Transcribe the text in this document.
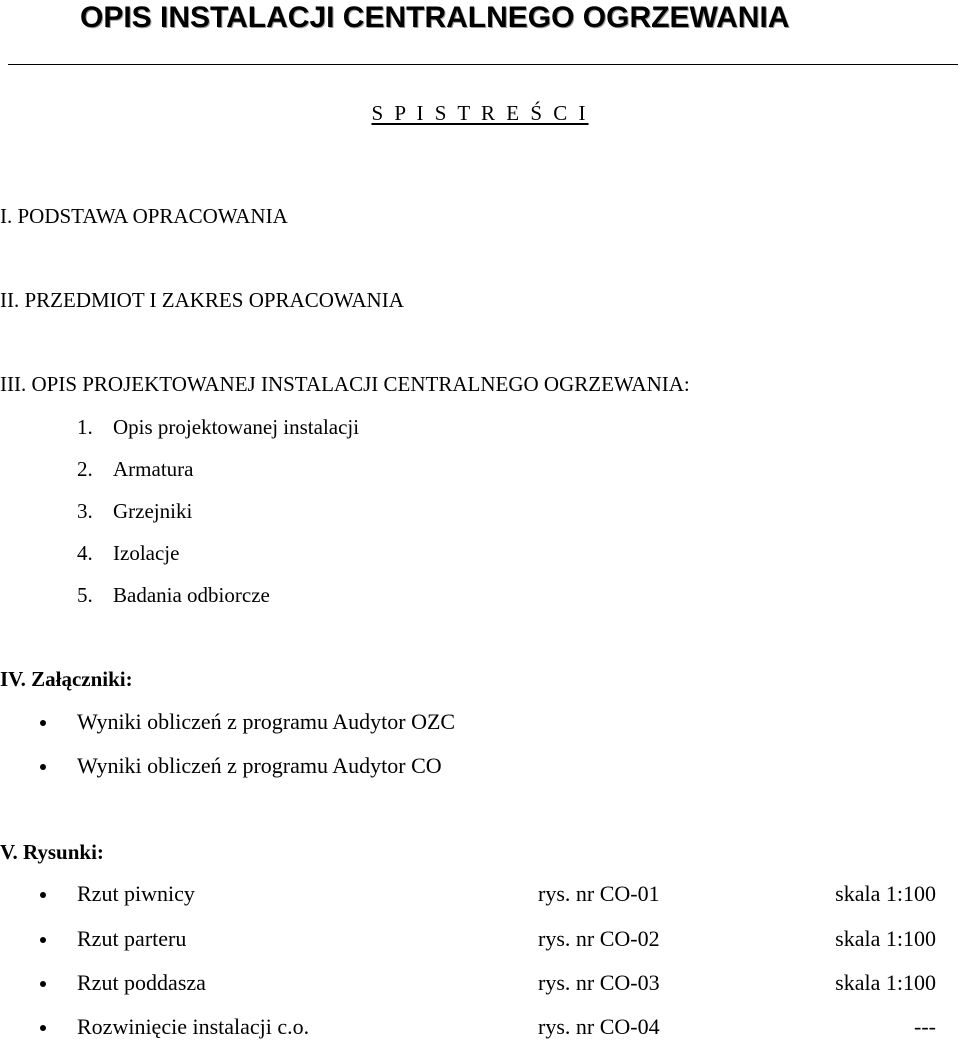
OPIS INSTALACJI CENTRALNEGO OGRZEWANIA
S P I S T R E Ś C I
I. PODSTAWA OPRACOWANIA
II. PRZEDMIOT I ZAKRES OPRACOWANIA
III. OPIS PROJEKTOWANEJ INSTALACJI CENTRALNEGO OGRZEWANIA:
1. Opis projektowanej instalacji
2. Armatura
3. Grzejniki
4. Izolacje
5. Badania odbiorcze
IV. Załączniki:
Wyniki obliczeń z programu Audytor OZC
Wyniki obliczeń z programu Audytor CO
V. Rysunki:
Rzut piwnicy	rys. nr CO-01	skala 1:100
Rzut parteru	rys. nr CO-02	skala 1:100
Rzut poddasza	rys. nr CO-03	skala 1:100
Rozwinięcie instalacji c.o.	rys. nr CO-04	---
